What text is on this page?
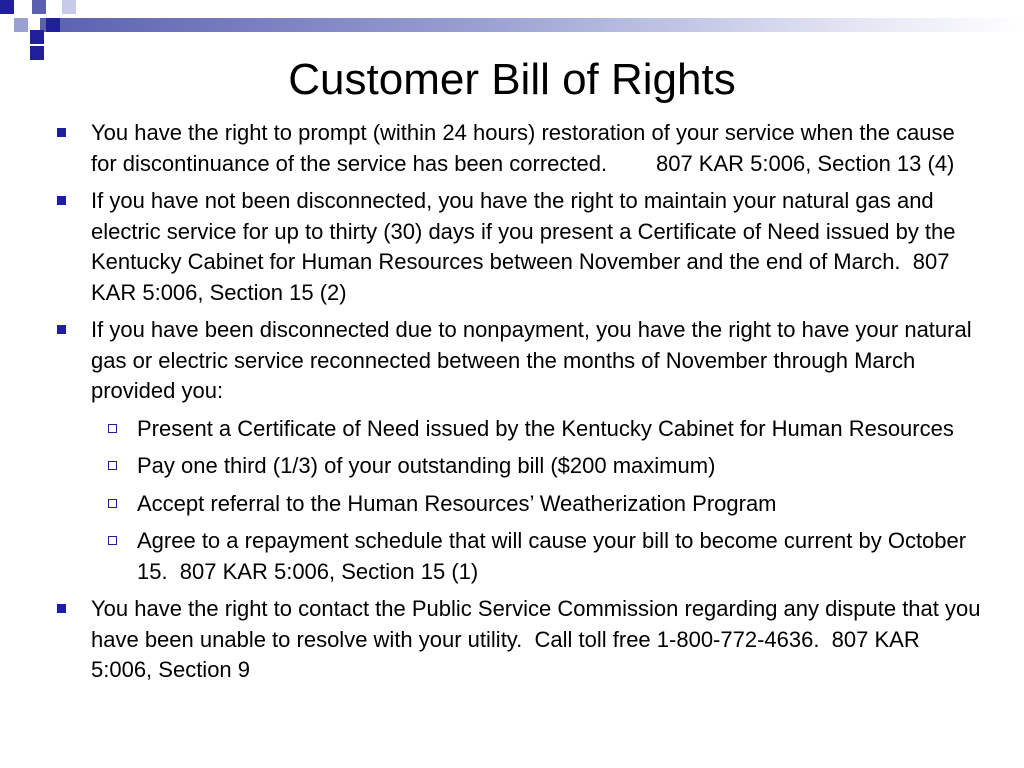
Customer Bill of Rights
You have the right to prompt (within 24 hours) restoration of your service when the cause for discontinuance of the service has been corrected.        807 KAR 5:006, Section 13 (4)
If you have not been disconnected, you have the right to maintain your natural gas and electric service for up to thirty (30) days if you present a Certificate of Need issued by the Kentucky Cabinet for Human Resources between November and the end of March.  807 KAR 5:006, Section 15 (2)
If you have been disconnected due to nonpayment, you have the right to have your natural gas or electric service reconnected between the months of November through March provided you:
Present a Certificate of Need issued by the Kentucky Cabinet for Human Resources
Pay one third (1/3) of your outstanding bill ($200 maximum)
Accept referral to the Human Resources’ Weatherization Program
Agree to a repayment schedule that will cause your bill to become current by October 15.  807 KAR 5:006, Section 15 (1)
You have the right to contact the Public Service Commission regarding any dispute that you have been unable to resolve with your utility.  Call toll free 1-800-772-4636.  807 KAR 5:006, Section 9
